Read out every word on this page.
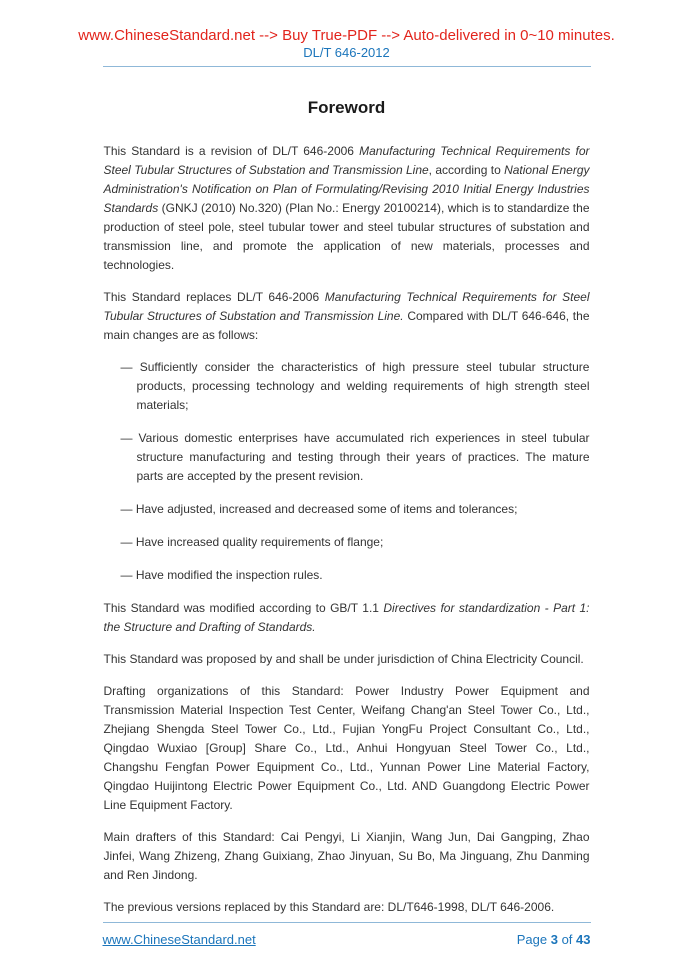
www.ChineseStandard.net --> Buy True-PDF --> Auto-delivered in 0~10 minutes.
DL/T 646-2012
Foreword
This Standard is a revision of DL/T 646-2006 Manufacturing Technical Requirements for Steel Tubular Structures of Substation and Transmission Line, according to National Energy Administration's Notification on Plan of Formulating/Revising 2010 Initial Energy Industries Standards (GNKJ (2010) No.320) (Plan No.: Energy 20100214), which is to standardize the production of steel pole, steel tubular tower and steel tubular structures of substation and transmission line, and promote the application of new materials, processes and technologies.
This Standard replaces DL/T 646-2006 Manufacturing Technical Requirements for Steel Tubular Structures of Substation and Transmission Line. Compared with DL/T 646-646, the main changes are as follows:
— Sufficiently consider the characteristics of high pressure steel tubular structure products, processing technology and welding requirements of high strength steel materials;
— Various domestic enterprises have accumulated rich experiences in steel tubular structure manufacturing and testing through their years of practices. The mature parts are accepted by the present revision.
— Have adjusted, increased and decreased some of items and tolerances;
— Have increased quality requirements of flange;
— Have modified the inspection rules.
This Standard was modified according to GB/T 1.1 Directives for standardization - Part 1: the Structure and Drafting of Standards.
This Standard was proposed by and shall be under jurisdiction of China Electricity Council.
Drafting organizations of this Standard: Power Industry Power Equipment and Transmission Material Inspection Test Center, Weifang Chang'an Steel Tower Co., Ltd., Zhejiang Shengda Steel Tower Co., Ltd., Fujian YongFu Project Consultant Co., Ltd., Qingdao Wuxiao [Group] Share Co., Ltd., Anhui Hongyuan Steel Tower Co., Ltd., Changshu Fengfan Power Equipment Co., Ltd., Yunnan Power Line Material Factory, Qingdao Huijintong Electric Power Equipment Co., Ltd. AND Guangdong Electric Power Line Equipment Factory.
Main drafters of this Standard: Cai Pengyi, Li Xianjin, Wang Jun, Dai Gangping, Zhao Jinfei, Wang Zhizeng, Zhang Guixiang, Zhao Jinyuan, Su Bo, Ma Jinguang, Zhu Danming and Ren Jindong.
The previous versions replaced by this Standard are: DL/T646-1998, DL/T 646-2006.
www.ChineseStandard.net	Page 3 of 43
